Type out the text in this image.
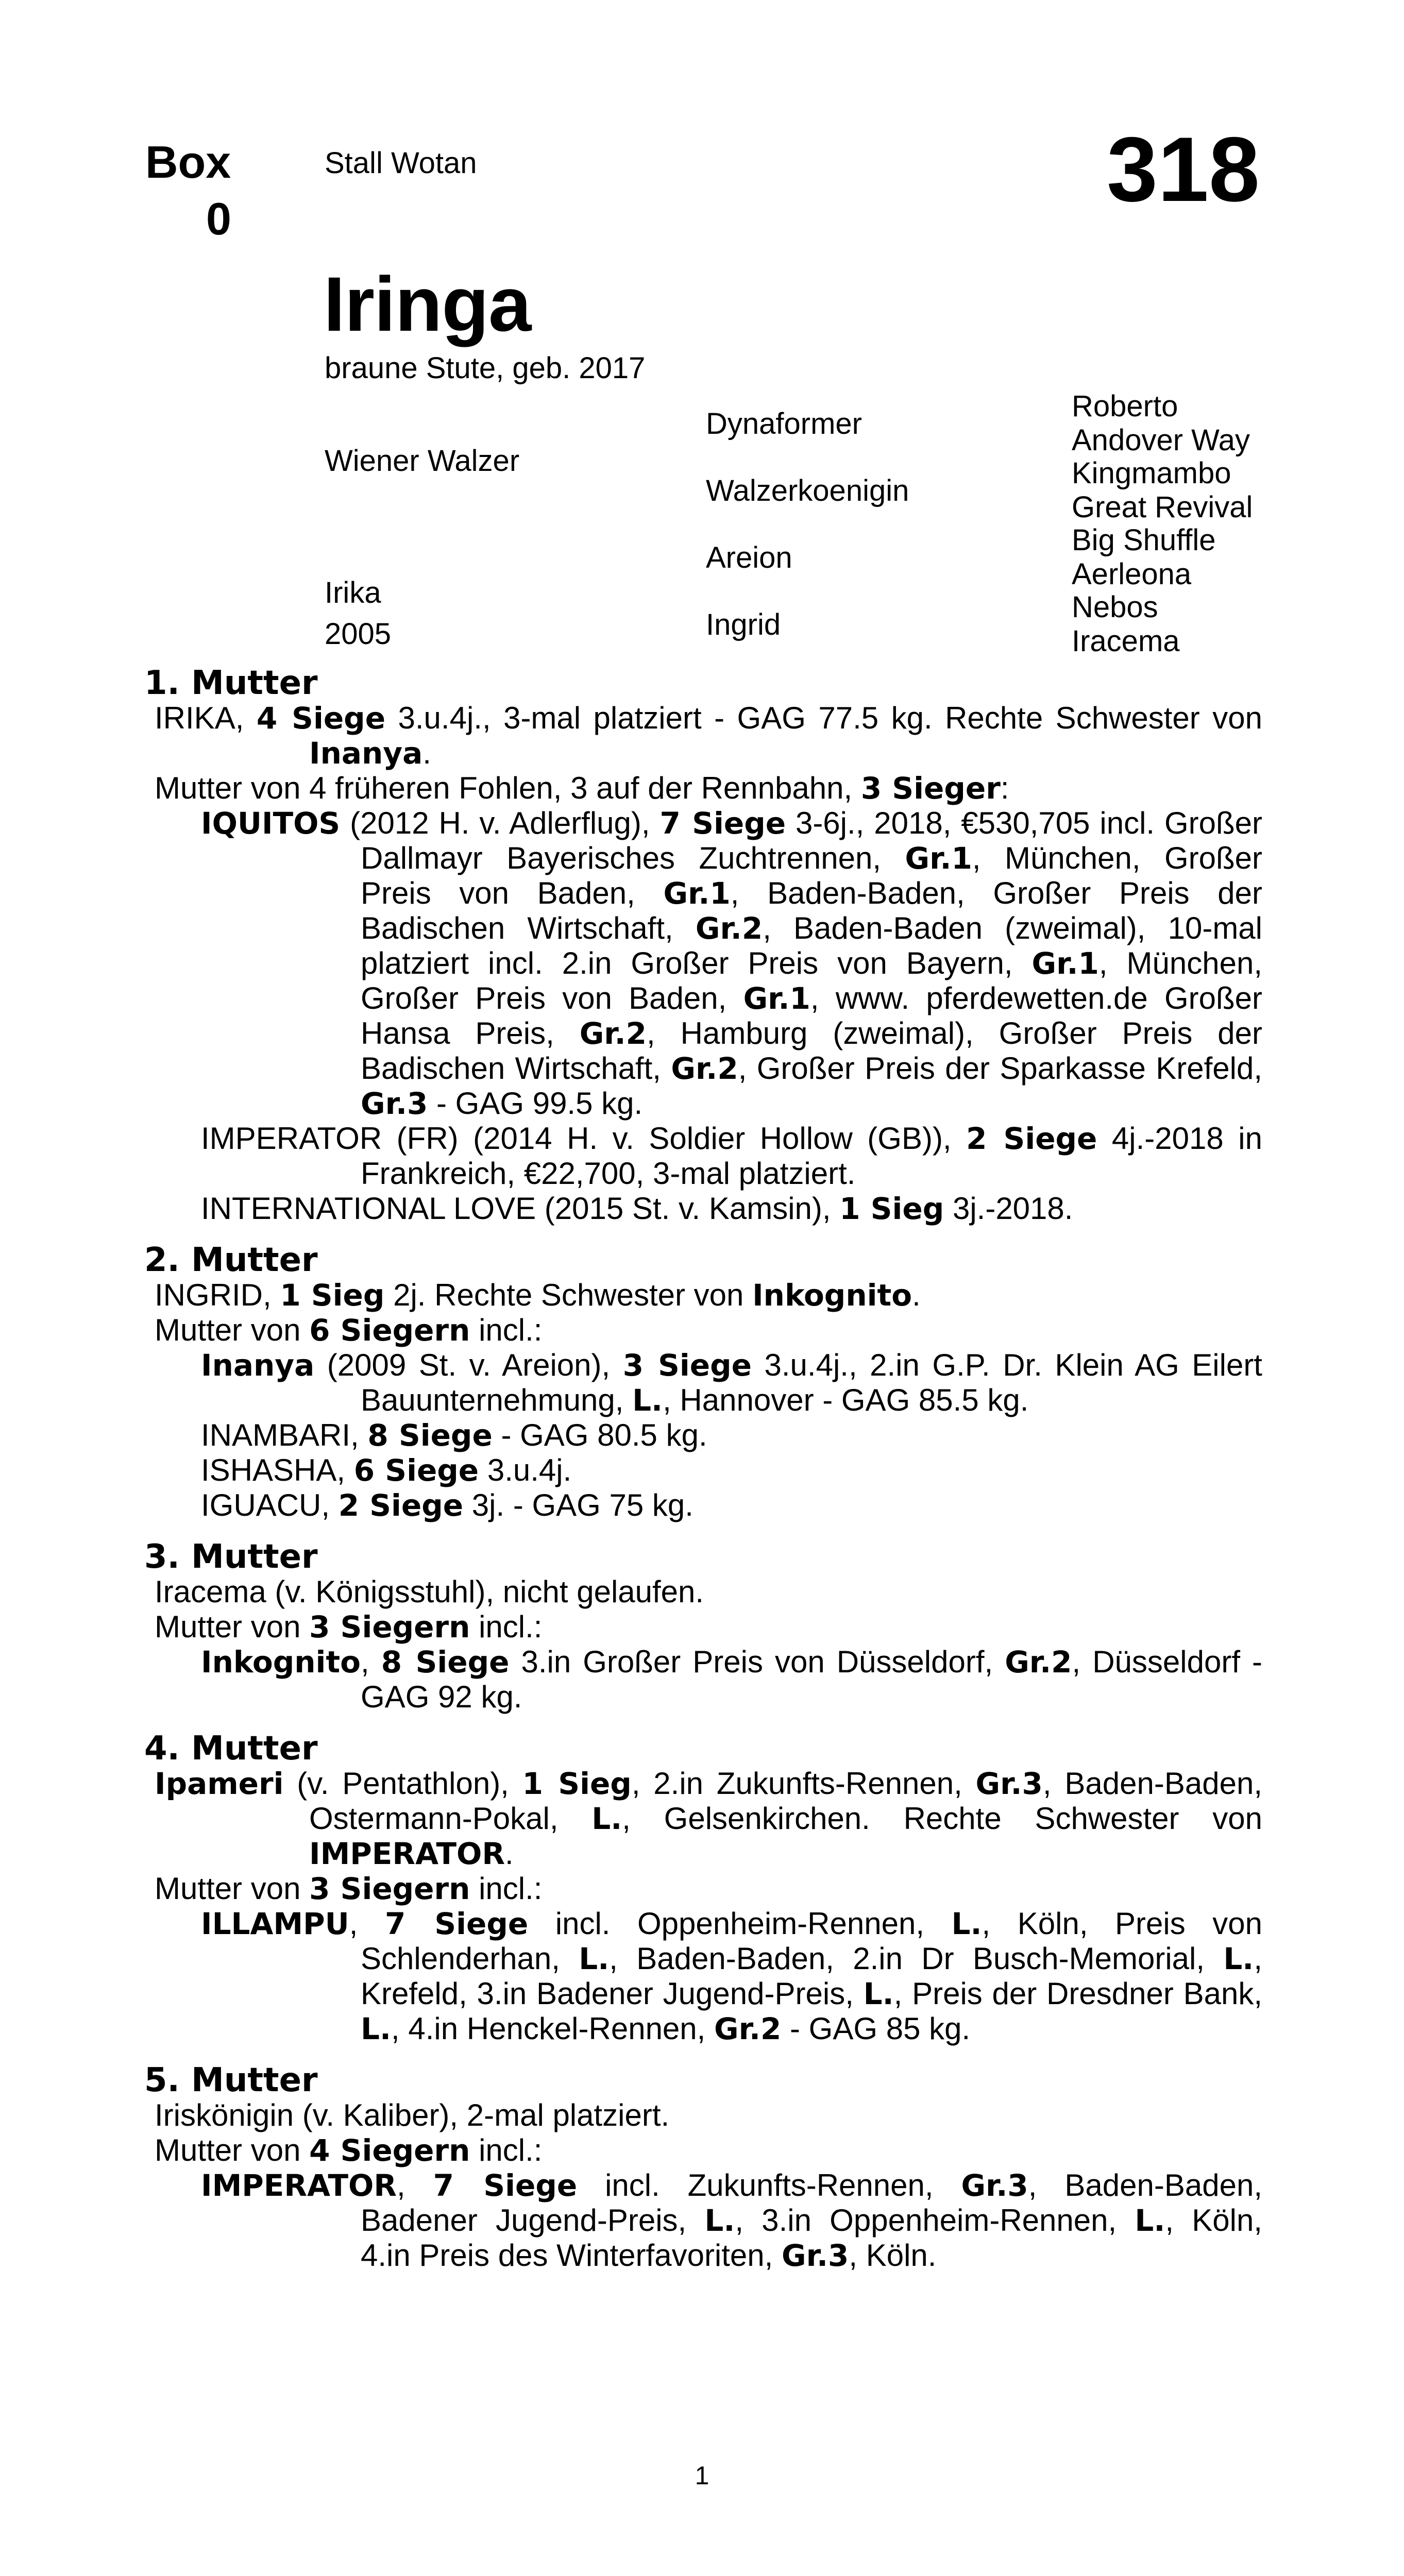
Box
0
Stall Wotan	318
Iringa
braune Stute, geb. 2017
Wiener Walzer
Irika
2005
Dynaformer
Walzerkoenigin
Areion
Ingrid
Roberto
Andover Way
Kingmambo
Great Revival
Big Shuffle
Aerleona
Nebos
Iracema
1. Mutter
IRIKA, 4 Siege 3.u.4j., 3-mal platziert - GAG 77.5 kg. Rechte Schwester von Inanya.
Mutter von 4 früheren Fohlen, 3 auf der Rennbahn, 3 Sieger:
IQUITOS (2012 H. v. Adlerflug), 7 Siege 3-6j., 2018, €530,705 incl. Großer Dallmayr Bayerisches Zuchtrennen, Gr.1, München, Großer Preis von Baden, Gr.1, Baden-Baden, Großer Preis der Badischen Wirtschaft, Gr.2, Baden-Baden (zweimal), 10-mal platziert incl. 2.in Großer Preis von Bayern, Gr.1, München, Großer Preis von Baden, Gr.1, www. pferdewetten.de Großer Hansa Preis, Gr.2, Hamburg (zweimal), Großer Preis der Badischen Wirtschaft, Gr.2, Großer Preis der Sparkasse Krefeld, Gr.3 - GAG 99.5 kg.
IMPERATOR (FR) (2014 H. v. Soldier Hollow (GB)), 2 Siege 4j.-2018 in Frankreich, €22,700, 3-mal platziert.
INTERNATIONAL LOVE (2015 St. v. Kamsin), 1 Sieg 3j.-2018.
2. Mutter
INGRID, 1 Sieg 2j. Rechte Schwester von Inkognito.
Mutter von 6 Siegern incl.:
Inanya (2009 St. v. Areion), 3 Siege 3.u.4j., 2.in G.P. Dr. Klein AG Eilert Bauunternehmung, L., Hannover - GAG 85.5 kg.
INAMBARI, 8 Siege - GAG 80.5 kg.
ISHASHA, 6 Siege 3.u.4j.
IGUACU, 2 Siege 3j. - GAG 75 kg.
3. Mutter
Iracema (v. Königsstuhl), nicht gelaufen.
Mutter von 3 Siegern incl.:
Inkognito, 8 Siege 3.in Großer Preis von Düsseldorf, Gr.2, Düsseldorf - GAG 92 kg.
4. Mutter
Ipameri (v. Pentathlon), 1 Sieg, 2.in Zukunfts-Rennen, Gr.3, Baden-Baden, Ostermann-Pokal, L., Gelsenkirchen. Rechte Schwester von IMPERATOR.
Mutter von 3 Siegern incl.:
ILLAMPU, 7 Siege incl. Oppenheim-Rennen, L., Köln, Preis von Schlenderhan, L., Baden-Baden, 2.in Dr Busch-Memorial, L., Krefeld, 3.in Badener Jugend-Preis, L., Preis der Dresdner Bank, L., 4.in Henckel-Rennen, Gr.2 - GAG 85 kg.
5. Mutter
Iriskönigin (v. Kaliber), 2-mal platziert.
Mutter von 4 Siegern incl.:
IMPERATOR, 7 Siege incl. Zukunfts-Rennen, Gr.3, Baden-Baden, Badener Jugend-Preis, L., 3.in Oppenheim-Rennen, L., Köln, 4.in Preis des Winterfavoriten, Gr.3, Köln.
1
